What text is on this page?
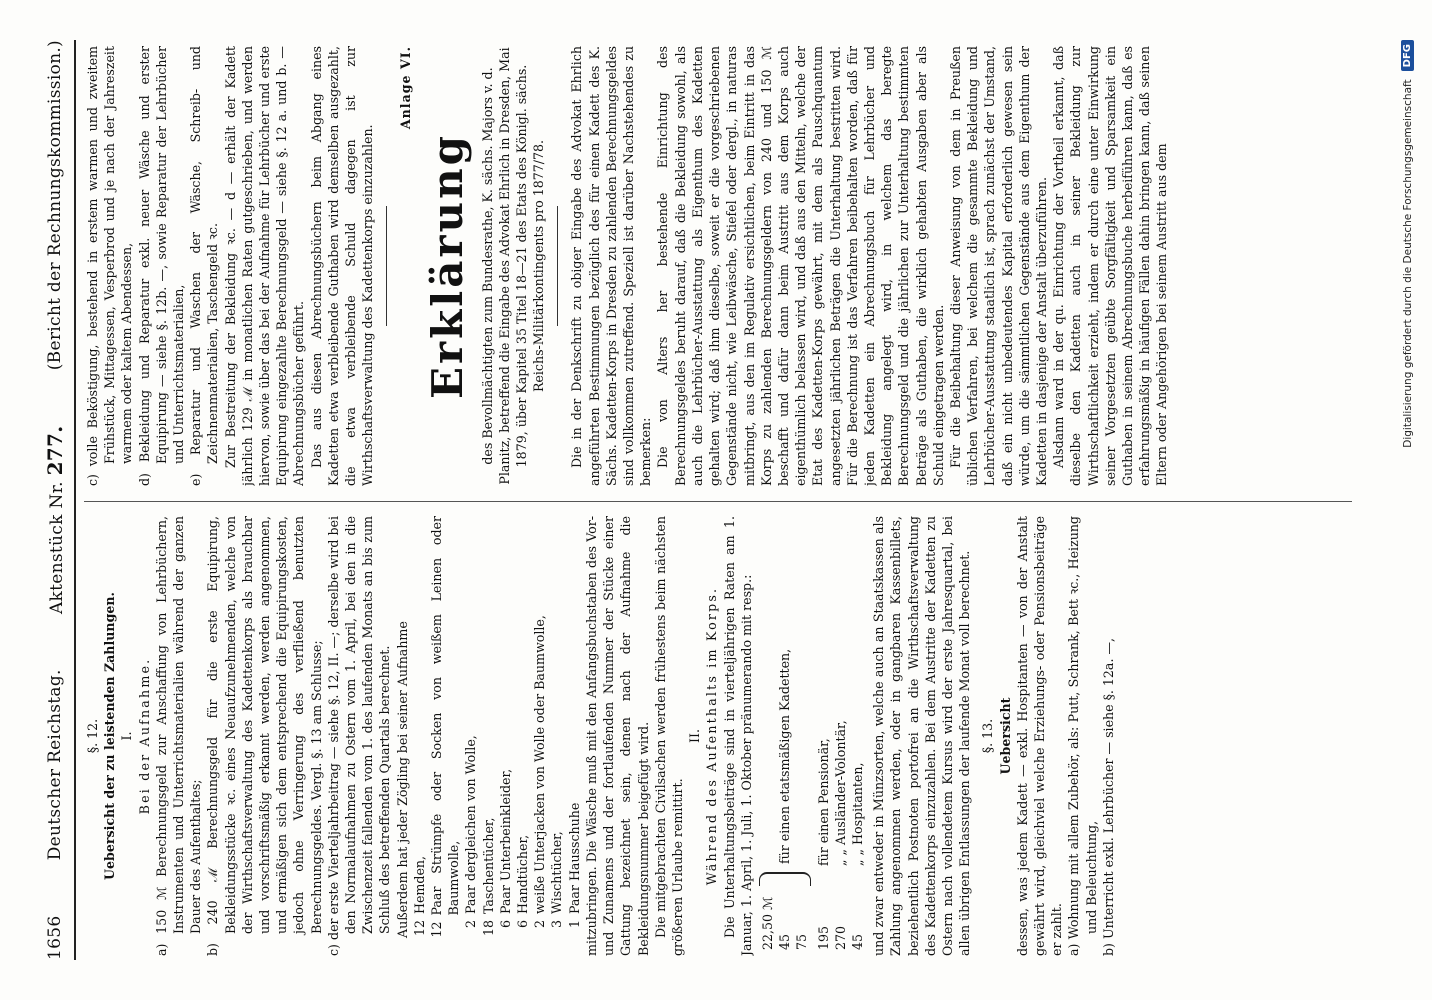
1656
Deutscher Reichstag.
Aktenstück Nr. 277.
(Bericht der Rechnungskommission.)

§. 12. Uebersicht der zu leistenden Zahlungen. I. Bei der Aufnahme. a) 150 ℳ Berechnungsgeld zur Anschaffung von Lehrbüchern, Instrumenten und Unterrichtsmaterialien während der ganzen Dauer des Aufenthaltes; b) 240 ℳ Berechnungsgeld für die erste Equipirung, Bekleidungsstücke ꝛc. eines Neuaufzunehmenden, welche von der Wirthschaftsverwaltung des Kadettenkorps als brauchbar und vorschriftsmäßig erkannt werden, werden angenommen, und ermäßigen sich dem entsprechend die Equipirungskosten, jedoch ohne Verringerung des verfließend benutzten Berechnungsgeldes. Vergl. §. 13 am Schlusse; c) der erste Vierteljahrbeitrag — siehe §. 12, II. —; derselbe wird bei den Normalaufnahmen zu Ostern vom 1. April, bei den in die Zwischenzeit fallenden vom 1. des laufenden Monats an bis zum Schluß des betreffenden Quartals berechnet. Außerdem hat jeder Zögling bei seiner Aufnahme 12
Hemden,
12
Paar Strümpfe oder Socken von weißem Leinen oder Baumwolle,
2
Paar dergleichen von Wolle,
18
Taschentücher,
6
Paar Unterbeinkleider,
6
Handtücher,
2
weiße Unterjacken von Wolle oder Baumwolle,
3
Wischtücher,
1
Paar Hausschuhe mitzubringen. Die Wäsche muß mit den Anfangsbuchstaben des Vor- und Zunamens und der fortlaufenden Nummer der Stücke einer Gattung bezeichnet sein, denen nach der Aufnahme die Bekleidungsnummer beigefügt wird. Die mitgebrachten Civilsachen werden frühestens beim nächsten größeren Urlaube remittirt.

II. Während des Aufenthalts im Korps. Die Unterhaltungsbeiträge sind in vierteljährigen Raten am 1. Januar, 1. April, 1. Juli, 1. Oktober pränumerando mit resp.: 22,50 ℳ 45 75

für einen etatsmäßigen Kadetten,
195 270 45
für einen Pensionär, „ „ Ausländer-Volontär, „ „ Hospitanten, und zwar entweder in Münzsorten, welche auch an Staatskassen als Zahlung angenommen werden, oder in gangbaren Kassenbillets, beziehentlich Postnoten portofrei an die Wirthschaftsverwaltung des Kadettenkorps einzuzahlen. Bei dem Austritte der Kadetten zu Ostern nach vollendetem Kursus wird der erste Jahresquartal, bei allen übrigen Entlassungen der laufende Monat voll berechnet. §. 13. Uebersicht dessen, was jedem Kadett — exkl. Hospitanten — von der Anstalt gewährt wird, gleichviel welche Erziehungs- oder Pensionsbeiträge er zahlt. a) Wohnung mit allem Zubehör, als: Putt, Schrank, Bett ꝛc., Heizung und Beleuchtung, b) Unterricht exkl. Lehrbücher — siehe §. 12a. —,

c) volle Beköstigung, bestehend in erstem warmen und zweitem Frühstück, Mittagessen, Vesperbrod und je nach der Jahreszeit warmem oder kaltem Abendessen, d) Bekleidung und Reparatur exkl. neuer Wäsche und erster Equipirung — siehe §. 12b. —, sowie Reparatur der Lehrbücher und Unterrichtsmaterialien, e) Reparatur und Waschen der Wäsche, Schreib- und Zeichnenmaterialien, Taschengeld ꝛc. Zur Bestreitung der Bekleidung ꝛc. — d — erhält der Kadett jährlich 129 ℳ in monatlichen Raten gutgeschrieben, und werden hiervon, sowie über das bei der Aufnahme für Lehrbücher und erste Equipirung eingezahlte Berechnungsgeld — siehe §. 12 a. und b. — Abrechnungsbücher geführt. Das aus diesen Abrechnungsbüchern beim Abgang eines Kadetten etwa verbleibende Guthaben wird demselben ausgezahlt, die etwa verbleibende Schuld dagegen ist zur Wirthschaftsverwaltung des Kadettenkorps einzuzahlen.

Anlage VI.

Erklärung des Bevollmächtigten zum Bundesrathe, K. sächs. Majors v. d. Planitz, betreffend die Eingabe des Advokat Ehrlich in Dresden, Mai 1879, über Kapitel 35 Titel 18—21 des Etats des Königl. sächs. Reichs-Militärkontingents pro 1877/78. Die in der Denkschrift zu obiger Eingabe des Advokat Ehrlich angeführten Bestimmungen bezüglich des für einen Kadett des K. Sächs. Kadetten-Korps in Dresden zu zahlenden Berechnungsgeldes sind vollkommen zutreffend. Speziell ist darüber Nachstehendes zu bemerken: Die von Alters her bestehende Einrichtung des Berechnungsgeldes beruht darauf, daß die Bekleidung sowohl, als auch die Lehrbücher-Ausstattung als Eigenthum des Kadetten gehalten wird; daß ihm dieselbe, soweit er die vorgeschriebenen Gegenstände nicht, wie Leibwäsche, Stiefel oder dergl., in naturas mitbringt, aus den im Regulativ ersichtlichen, beim Eintritt in das Korps zu zahlenden Berechnungsgeldern von 240 und 150 ℳ beschafft und dafür dann beim Austritt aus dem Korps auch eigenthümlich belassen wird, und daß aus den Mitteln, welche der Etat des Kadetten-Korps gewährt, mit dem als Pauschquantum angesetzten jährlichen Beträgen die Unterhaltung bestritten wird. Für die Berechnung ist das Verfahren beibehalten worden, daß für jeden Kadetten ein Abrechnungsbuch für Lehrbücher und Bekleidung angelegt wird, in welchem das beregte Berechnungsgeld und die jährlichen zur Unterhaltung bestimmten Beträge als Guthaben, die wirklich gehabten Ausgaben aber als Schuld eingetragen werden. Für die Beibehaltung dieser Anweisung von dem in Preußen üblichen Verfahren, bei welchem die gesammte Bekleidung und Lehrbücher-Ausstattung staatlich ist, sprach zunächst der Umstand, daß ein nicht unbedeutendes Kapital erforderlich gewesen sein würde, um die sämmtlichen Gegenstände aus dem Eigenthum der Kadetten in dasjenige der Anstalt überzuführen. Alsdann ward in der qu. Einrichtung der Vortheil erkannt, daß dieselbe den Kadetten auch in seiner Bekleidung zur Wirthschaftlichkeit erzieht, indem er durch eine unter Einwirkung seiner Vorgesetzten geübte Sorgfältigkeit und Sparsamkeit ein Guthaben in seinem Abrechnungsbuche herbeiführen kann, daß es erfahrungsmäßig in häufigen Fällen dahin bringen kann, daß seinen Eltern oder Angehörigen bei seinem Austritt aus dem	Digitalisierung gefördert durch die Deutsche Forschungsgemeinschaft
DFG
